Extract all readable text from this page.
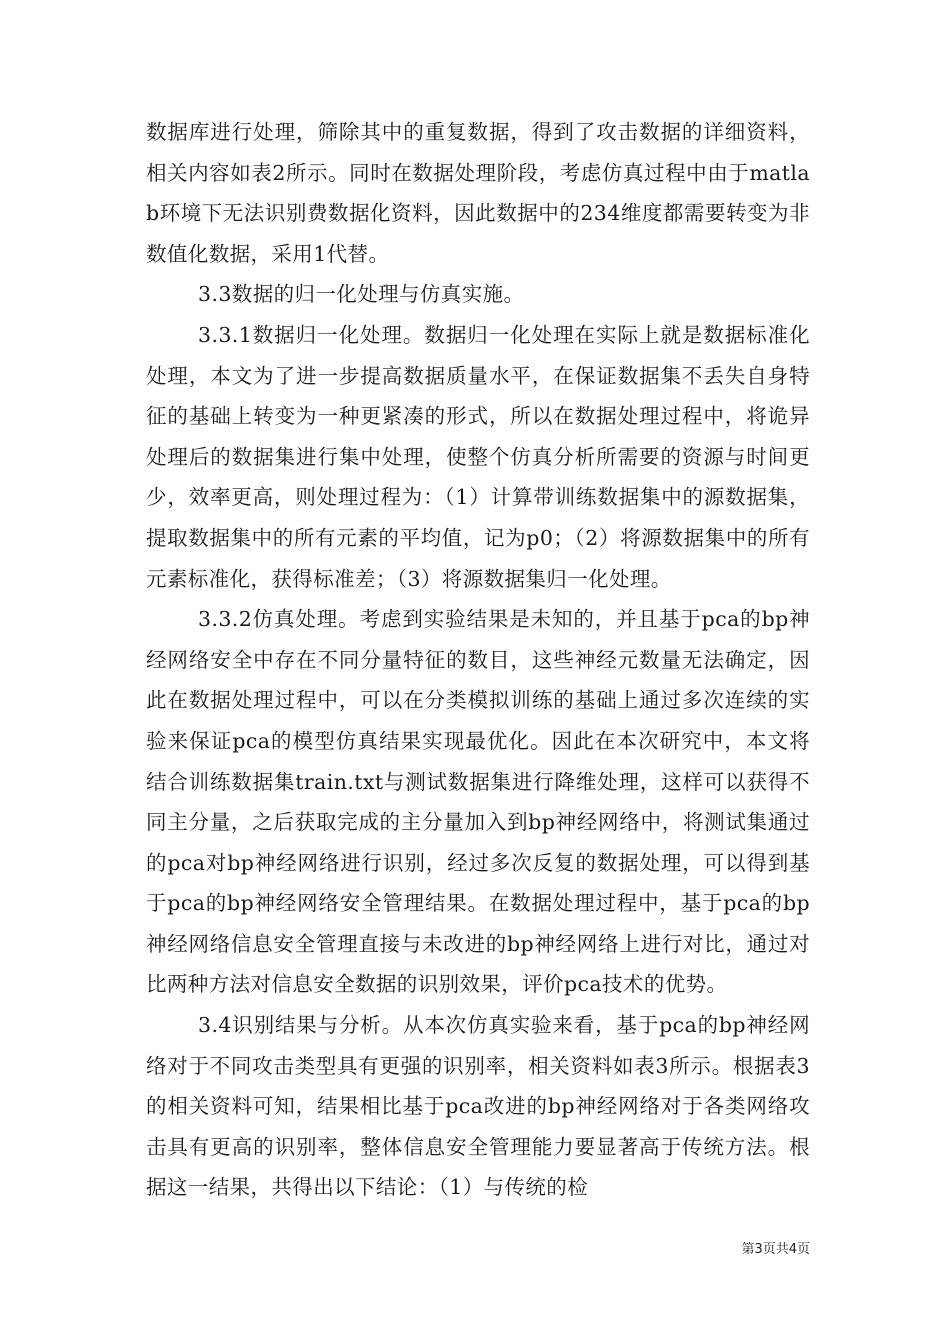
数据库进行处理，筛除其中的重复数据，得到了攻击数据的详细资料，相关内容如表2所示。同时在数据处理阶段，考虑仿真过程中由于matlab环境下无法识别费数据化资料，因此数据中的234维度都需要转变为非数值化数据，采用1代替。

3.3数据的归一化处理与仿真实施。

3.3.1数据归一化处理。数据归一化处理在实际上就是数据标准化处理，本文为了进一步提高数据质量水平，在保证数据集不丢失自身特征的基础上转变为一种更紧凑的形式，所以在数据处理过程中，将诡异处理后的数据集进行集中处理，使整个仿真分析所需要的资源与时间更少，效率更高，则处理过程为：（1）计算带训练数据集中的源数据集，提取数据集中的所有元素的平均值，记为p0；（2）将源数据集中的所有元素标准化，获得标准差；（3）将源数据集归一化处理。

3.3.2仿真处理。考虑到实验结果是未知的，并且基于pca的bp神经网络安全中存在不同分量特征的数目，这些神经元数量无法确定，因此在数据处理过程中，可以在分类模拟训练的基础上通过多次连续的实验来保证pca的模型仿真结果实现最优化。因此在本次研究中，本文将结合训练数据集train.txt与测试数据集进行降维处理，这样可以获得不同主分量，之后获取完成的主分量加入到bp神经网络中，将测试集通过的pca对bp神经网络进行识别，经过多次反复的数据处理，可以得到基于pca的bp神经网络安全管理结果。在数据处理过程中，基于pca的bp神经网络信息安全管理直接与未改进的bp神经网络上进行对比，通过对比两种方法对信息安全数据的识别效果，评价pca技术的优势。

3.4识别结果与分析。从本次仿真实验来看，基于pca的bp神经网络对于不同攻击类型具有更强的识别率，相关资料如表3所示。根据表3的相关资料可知，结果相比基于pca改进的bp神经网络对于各类网络攻击具有更高的识别率，整体信息安全管理能力要显著高于传统方法。根据这一结果，共得出以下结论：（1）与传统的检

第3页共4页
